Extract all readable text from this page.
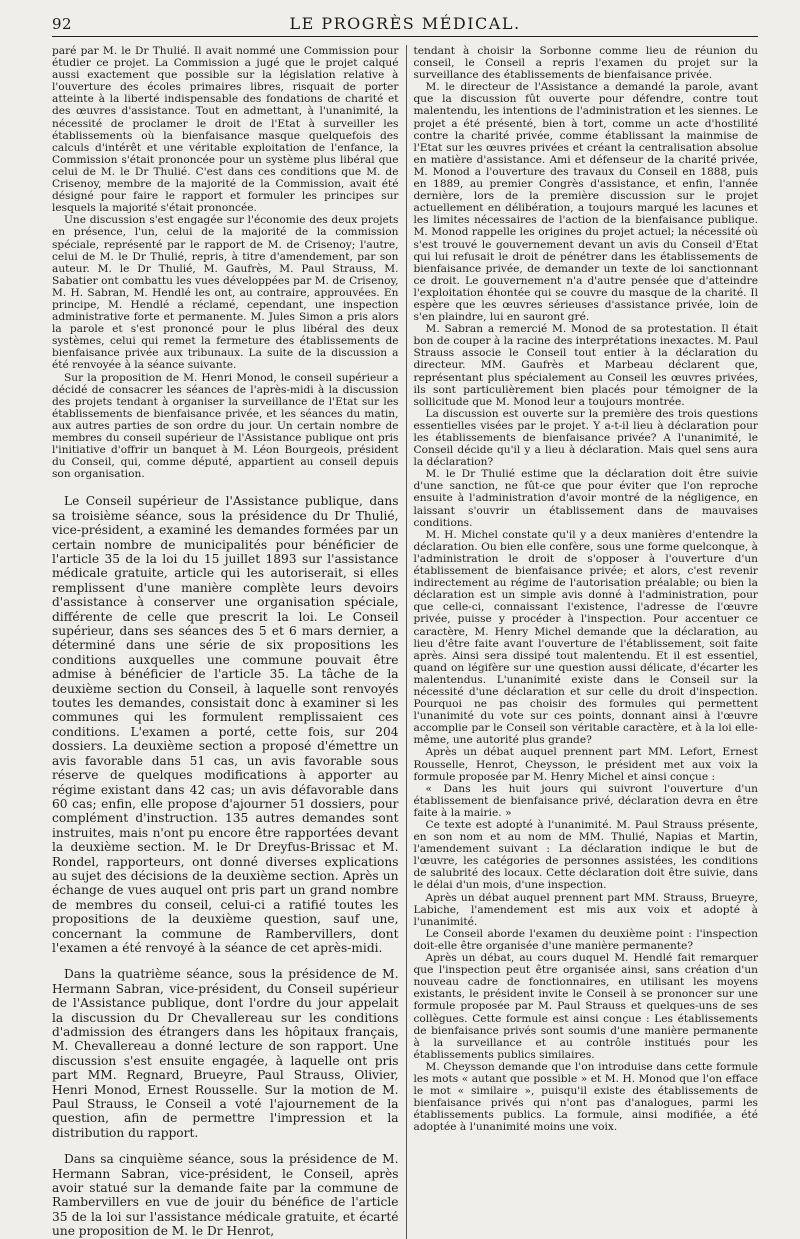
92	LE PROGRÈS MÉDICAL.

paré par M. le Dr Thulié. Il avait nommé une Commission pour étudier ce projet. La Commission a jugé que le projet calqué aussi exactement que possible sur la législation relative à l'ouverture des écoles primaires libres, risquait de porter atteinte à la liberté indispensable des fondations de charité et des œuvres d'assistance. Tout en admettant, à l'unanimité, la nécessité de proclamer le droit de l'Etat à surveiller les établissements où la bienfaisance masque quelquefois des calculs d'intérêt et une véritable exploitation de l'enfance, la Commission s'était prononcée pour un système plus libéral que celui de M. le Dr Thulié. C'est dans ces conditions que M. de Crisenoy, membre de la majorité de la Commission, avait été désigné pour faire le rapport et formuler les principes sur lesquels la majorité s'était prononcée.

Une discussion s'est engagée sur l'économie des deux projets en présence, l'un, celui de la majorité de la commission spéciale, représenté par le rapport de M. de Crisenoy; l'autre, celui de M. le Dr Thulié, repris, à titre d'amendement, par son auteur. M. le Dr Thulié, M. Gaufrès, M. Paul Strauss, M. Sabatier ont combattu les vues développées par M. de Crisenoy, M. H. Sabran, M. Hendlé les ont, au contraire, approuvées. En principe, M. Hendlé a réclamé, cependant, une inspection administrative forte et permanente. M. Jules Simon a pris alors la parole et s'est prononcé pour le plus libéral des deux systèmes, celui qui remet la fermeture des établissements de bienfaisance privée aux tribunaux. La suite de la discussion a été renvoyée à la séance suivante.

Sur la proposition de M. Henri Monod, le conseil supérieur a décidé de consacrer les séances de l'après-midi à la discussion des projets tendant à organiser la surveillance de l'Etat sur les établissements de bienfaisance privée, et les séances du matin, aux autres parties de son ordre du jour. Un certain nombre de membres du conseil supérieur de l'Assistance publique ont pris l'initiative d'offrir un banquet à M. Léon Bourgeois, président du Conseil, qui, comme député, appartient au conseil depuis son organisation.

Le Conseil supérieur de l'Assistance publique, dans sa troisième séance, sous la présidence du Dr Thulié, vice-président, a examiné les demandes formées par un certain nombre de municipalités pour bénéficier de l'article 35 de la loi du 15 juillet 1893 sur l'assistance médicale gratuite, article qui les autoriserait, si elles remplissent d'une manière complète leurs devoirs d'assistance à conserver une organisation spéciale, différente de celle que prescrit la loi. Le Conseil supérieur, dans ses séances des 5 et 6 mars dernier, a déterminé dans une série de six propositions les conditions auxquelles une commune pouvait être admise à bénéficier de l'article 35. La tâche de la deuxième section du Conseil, à laquelle sont renvoyés toutes les demandes, consistait donc à examiner si les communes qui les formulent remplissaient ces conditions. L'examen a porté, cette fois, sur 204 dossiers. La deuxième section a proposé d'émettre un avis favorable dans 51 cas, un avis favorable sous réserve de quelques modifications à apporter au régime existant dans 42 cas; un avis défavorable dans 60 cas; enfin, elle propose d'ajourner 51 dossiers, pour complément d'instruction. 135 autres demandes sont instruites, mais n'ont pu encore être rapportées devant la deuxième section. M. le Dr Dreyfus-Brissac et M. Rondel, rapporteurs, ont donné diverses explications au sujet des décisions de la deuxième section. Après un échange de vues auquel ont pris part un grand nombre de membres du conseil, celui-ci a ratifié toutes les propositions de la deuxième question, sauf une, concernant la commune de Rambervillers, dont l'examen a été renvoyé à la séance de cet après-midi.

Dans la quatrième séance, sous la présidence de M. Hermann Sabran, vice-président, du Conseil supérieur de l'Assistance publique, dont l'ordre du jour appelait la discussion du Dr Chevallereau sur les conditions d'admission des étrangers dans les hôpitaux français, M. Chevallereau a donné lecture de son rapport. Une discussion s'est ensuite engagée, à laquelle ont pris part MM. Regnard, Brueyre, Paul Strauss, Olivier, Henri Monod, Ernest Rousselle. Sur la motion de M. Paul Strauss, le Conseil a voté l'ajournement de la question, afin de permettre l'impression et la distribution du rapport.

Dans sa cinquième séance, sous la présidence de M. Hermann Sabran, vice-président, le Conseil, après avoir statué sur la demande faite par la commune de Rambervillers en vue de jouir du bénéfice de l'article 35 de la loi sur l'assistance médicale gratuite, et écarté une proposition de M. le Dr Henrot,

tendant à choisir la Sorbonne comme lieu de réunion du conseil, le Conseil a repris l'examen du projet sur la surveillance des établissements de bienfaisance privée.

M. le directeur de l'Assistance a demandé la parole, avant que la discussion fût ouverte pour défendre, contre tout malentendu, les intentions de l'administration et les siennes. Le projet a été présenté, bien à tort, comme un acte d'hostilité contre la charité privée, comme établissant la mainmise de l'Etat sur les œuvres privées et créant la centralisation absolue en matière d'assistance. Ami et défenseur de la charité privée, M. Monod a l'ouverture des travaux du Conseil en 1888, puis en 1889, au premier Congrès d'assistance, et enfin, l'année dernière, lors de la première discussion sur le projet actuellement en délibération, a toujours marqué les lacunes et les limites nécessaires de l'action de la bienfaisance publique. M. Monod rappelle les origines du projet actuel; la nécessité où s'est trouvé le gouvernement devant un avis du Conseil d'Etat qui lui refusait le droit de pénétrer dans les établissements de bienfaisance privée, de demander un texte de loi sanctionnant ce droit. Le gouvernement n'a d'autre pensée que d'atteindre l'exploitation éhontée qui se couvre du masque de la charité. Il espère que les œuvres sérieuses d'assistance privée, loin de s'en plaindre, lui en sauront gré.

M. Sabran a remercié M. Monod de sa protestation. Il était bon de couper à la racine des interprétations inexactes. M. Paul Strauss associe le Conseil tout entier à la déclaration du directeur. MM. Gaufrès et Marbeau déclarent que, représentant plus spécialement au Conseil les œuvres privées, ils sont particulièrement bien placés pour témoigner de la sollicitude que M. Monod leur a toujours montrée.

La discussion est ouverte sur la première des trois questions essentielles visées par le projet. Y a-t-il lieu à déclaration pour les établissements de bienfaisance privée? A l'unanimité, le Conseil décide qu'il y a lieu à déclaration. Mais quel sens aura la déclaration?

M. le Dr Thulié estime que la déclaration doit être suivie d'une sanction, ne fût-ce que pour éviter que l'on reproche ensuite à l'administration d'avoir montré de la négligence, en laissant s'ouvrir un établissement dans de mauvaises conditions.

M. H. Michel constate qu'il y a deux manières d'entendre la déclaration. Ou bien elle confère, sous une forme quelconque, à l'administration le droit de s'opposer à l'ouverture d'un établissement de bienfaisance privée; et alors, c'est revenir indirectement au régime de l'autorisation préalable; ou bien la déclaration est un simple avis donné à l'administration, pour que celle-ci, connaissant l'existence, l'adresse de l'œuvre privée, puisse y procéder à l'inspection. Pour accentuer ce caractère, M. Henry Michel demande que la déclaration, au lieu d'être faite avant l'ouverture de l'établissement, soit faite après. Ainsi sera dissipé tout malentendu. Et il est essentiel, quand on légifère sur une question aussi délicate, d'écarter les malentendus. L'unanimité existe dans le Conseil sur la nécessité d'une déclaration et sur celle du droit d'inspection. Pourquoi ne pas choisir des formules qui permettent l'unanimité du vote sur ces points, donnant ainsi à l'œuvre accomplie par le Conseil son véritable caractère, et à la loi elle-même, une autorité plus grande?

Après un débat auquel prennent part MM. Lefort, Ernest Rousselle, Henrot, Cheysson, le président met aux voix la formule proposée par M. Henry Michel et ainsi conçue :

« Dans les huit jours qui suivront l'ouverture d'un établissement de bienfaisance privé, déclaration devra en être faite à la mairie. »

Ce texte est adopté à l'unanimité. M. Paul Strauss présente, en son nom et au nom de MM. Thulié, Napias et Martin, l'amendement suivant : La déclaration indique le but de l'œuvre, les catégories de personnes assistées, les conditions de salubrité des locaux. Cette déclaration doit être suivie, dans le délai d'un mois, d'une inspection.

Après un débat auquel prennent part MM. Strauss, Brueyre, Labiche, l'amendement est mis aux voix et adopté à l'unanimité.

Le Conseil aborde l'examen du deuxième point : l'inspection doit-elle être organisée d'une manière permanente?

Après un débat, au cours duquel M. Hendlé fait remarquer que l'inspection peut être organisée ainsi, sans création d'un nouveau cadre de fonctionnaires, en utilisant les moyens existants, le président invite le Conseil à se prononcer sur une formule proposée par M. Paul Strauss et quelques-uns de ses collègues. Cette formule est ainsi conçue : Les établissements de bienfaisance privés sont soumis d'une manière permanente à la surveillance et au contrôle institués pour les établissements publics similaires.

M. Cheysson demande que l'on introduise dans cette formule les mots « autant que possible » et M. H. Monod que l'on efface le mot « similaire », puisqu'il existe des établissements de bienfaisance privés qui n'ont pas d'analogues, parmi les établissements publics. La formule, ainsi modifiée, a été adoptée à l'unanimité moins une voix.
